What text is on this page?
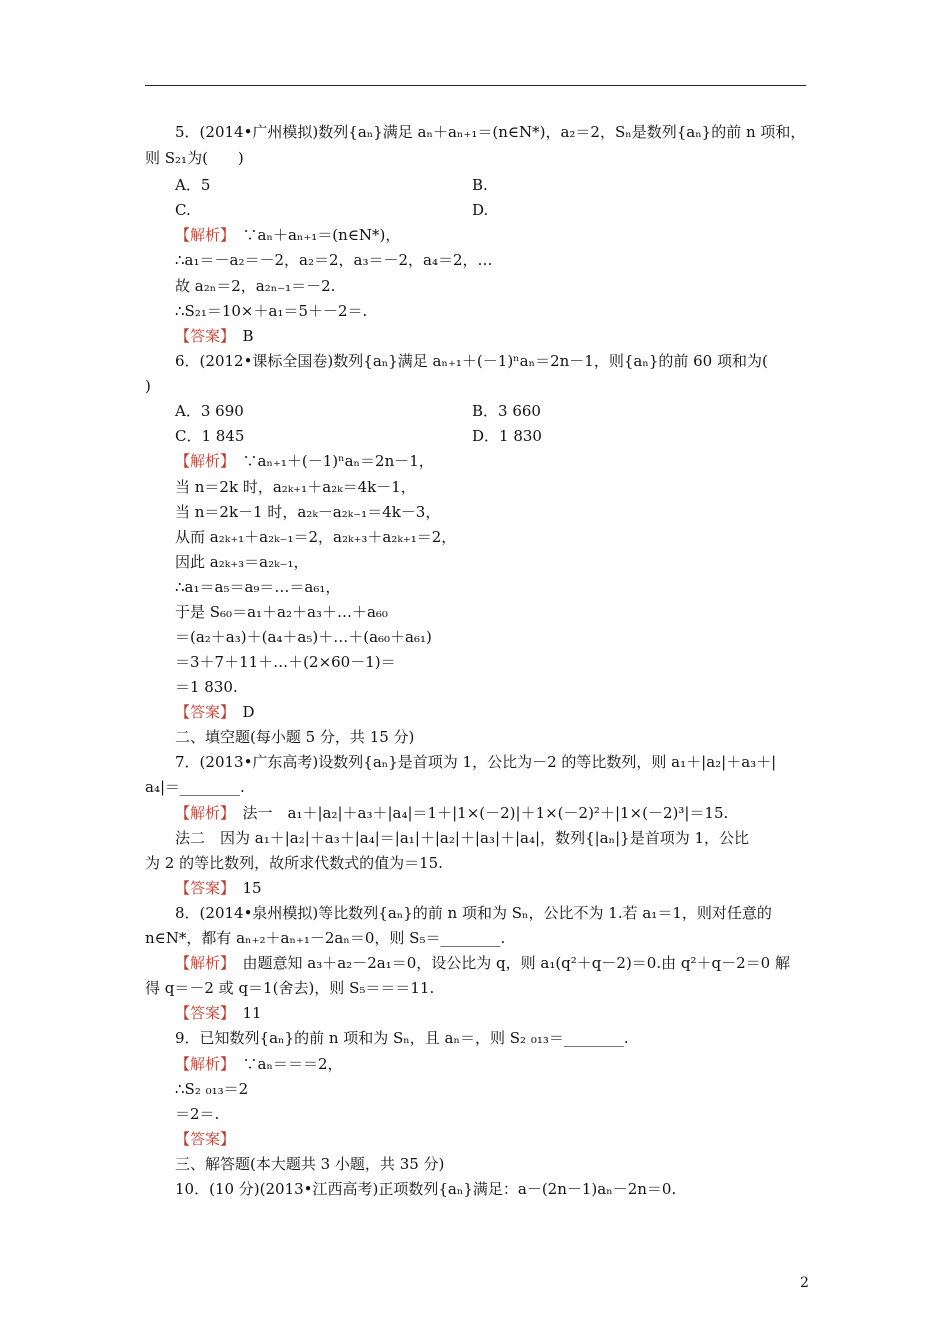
5．(2014•广州模拟)数列{aₙ}满足 aₙ＋aₙ₊₁＝(n∈N*)，a₂＝2，Sₙ是数列{aₙ}的前 n 项和，
则 S₂₁为(　　)
A．5	B.
C.	D.
【解析】　∵aₙ＋aₙ₊₁＝(n∈N*)，
∴a₁＝－a₂＝－2，a₂＝2，a₃＝－2，a₄＝2，…
故 a₂ₙ＝2，a₂ₙ₋₁＝－2.
∴S₂₁＝10×＋a₁＝5＋－2＝.
【答案】　B
6．(2012•课标全国卷)数列{aₙ}满足 aₙ₊₁＋(－1)ⁿaₙ＝2n－1，则{aₙ}的前 60 项和为(
)
A．3 690	B．3 660
C．1 845	D．1 830
【解析】　∵aₙ₊₁＋(－1)ⁿaₙ＝2n－1，
当 n＝2k 时，a₂ₖ₊₁＋a₂ₖ＝4k－1，
当 n＝2k－1 时，a₂ₖ－a₂ₖ₋₁＝4k－3，
从而 a₂ₖ₊₁＋a₂ₖ₋₁＝2，a₂ₖ₊₃＋a₂ₖ₊₁＝2，
因此 a₂ₖ₊₃＝a₂ₖ₋₁，
∴a₁＝a₅＝a₉＝…＝a₆₁，
于是 S₆₀＝a₁＋a₂＋a₃＋…＋a₆₀
＝(a₂＋a₃)＋(a₄＋a₅)＋…＋(a₆₀＋a₆₁)
＝3＋7＋11＋…＋(2×60－1)＝
＝1 830.
【答案】　D
二、填空题(每小题 5 分，共 15 分)
7．(2013•广东高考)设数列{aₙ}是首项为 1，公比为－2 的等比数列，则 a₁＋|a₂|＋a₃＋|
a₄|＝________.
【解析】　法一　a₁＋|a₂|＋a₃＋|a₄|＝1＋|1×(－2)|＋1×(－2)²＋|1×(－2)³|＝15.
法二　因为 a₁＋|a₂|＋a₃＋|a₄|＝|a₁|＋|a₂|＋|a₃|＋|a₄|，数列{|aₙ|}是首项为 1，公比
为 2 的等比数列，故所求代数式的值为＝15.
【答案】　15
8．(2014•泉州模拟)等比数列{aₙ}的前 n 项和为 Sₙ，公比不为 1.若 a₁＝1，则对任意的
n∈N*，都有 aₙ₊₂＋aₙ₊₁－2aₙ＝0，则 S₅＝________.
【解析】　由题意知 a₃＋a₂－2a₁＝0，设公比为 q，则 a₁(q²＋q－2)＝0.由 q²＋q－2＝0 解
得 q＝－2 或 q＝1(舍去)，则 S₅＝＝＝11.
【答案】　11
9．已知数列{aₙ}的前 n 项和为 Sₙ，且 aₙ＝，则 S₂ ₀₁₃＝________.
【解析】　∵aₙ＝＝＝2，
∴S₂ ₀₁₃＝2
＝2＝.
【答案】
三、解答题(本大题共 3 小题，共 35 分)
10．(10 分)(2013•江西高考)正项数列{aₙ}满足：a－(2n－1)aₙ－2n＝0.
2
